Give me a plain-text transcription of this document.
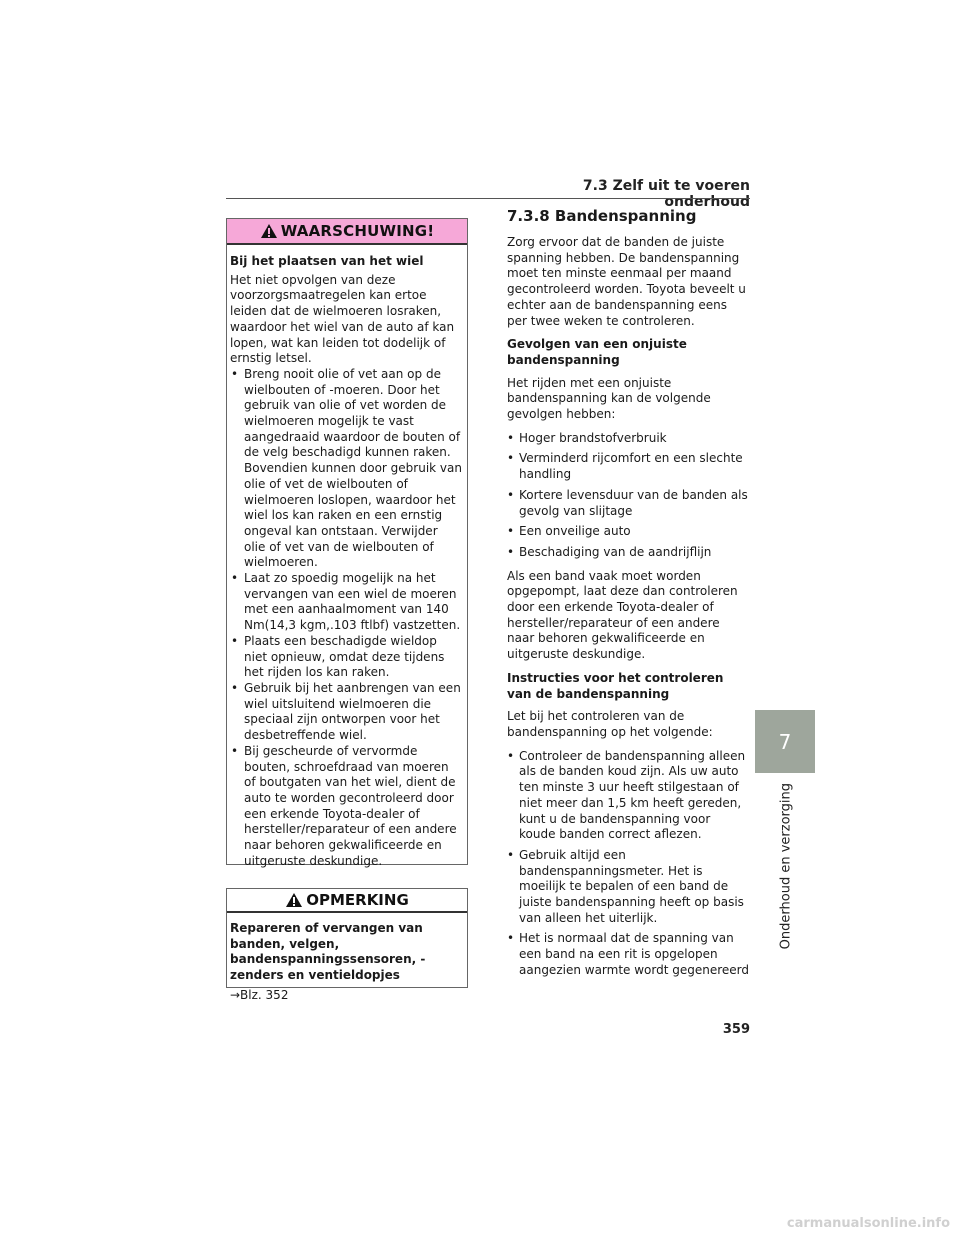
7.3 Zelf uit te voeren onderhoud
WAARSCHUWING!
Bij het plaatsen van het wiel
Het niet opvolgen van deze voorzorgsmaatregelen kan ertoe leiden dat de wielmoeren losraken, waardoor het wiel van de auto af kan lopen, wat kan leiden tot dodelijk of ernstig letsel.
• Breng nooit olie of vet aan op de wielbouten of -moeren. Door het gebruik van olie of vet worden de wielmoeren mogelijk te vast aangedraaid waardoor de bouten of de velg beschadigd kunnen raken. Bovendien kunnen door gebruik van olie of vet de wielbouten of wielmoeren loslopen, waardoor het wiel los kan raken en een ernstig ongeval kan ontstaan. Verwijder olie of vet van de wielbouten of wielmoeren.
• Laat zo spoedig mogelijk na het vervangen van een wiel de moeren met een aanhaalmoment van 140 Nm(14,3 kgm,.103 ftlbf) vastzetten.
• Plaats een beschadigde wieldop niet opnieuw, omdat deze tijdens het rijden los kan raken.
• Gebruik bij het aanbrengen van een wiel uitsluitend wielmoeren die speciaal zijn ontworpen voor het desbetreffende wiel.
• Bij gescheurde of vervormde bouten, schroefdraad van moeren of boutgaten van het wiel, dient de auto te worden gecontroleerd door een erkende Toyota-dealer of hersteller/reparateur of een andere naar behoren gekwalificeerde en uitgeruste deskundige.
OPMERKING
Repareren of vervangen van banden, velgen, bandenspanningssensoren, -zenders en ventieldopjes
→Blz. 352
7.3.8 Bandenspanning

Zorg ervoor dat de banden de juiste spanning hebben. De bandenspanning moet ten minste eenmaal per maand gecontroleerd worden. Toyota beveelt u echter aan de bandenspanning eens per twee weken te controleren.

Gevolgen van een onjuiste bandenspanning

Het rijden met een onjuiste bandenspanning kan de volgende gevolgen hebben:

• Hoger brandstofverbruik
• Verminderd rijcomfort en een slechte handling
• Kortere levensduur van de banden als gevolg van slijtage
• Een onveilige auto
• Beschadiging van de aandrijflijn

Als een band vaak moet worden opgepompt, laat deze dan controleren door een erkende Toyota-dealer of hersteller/reparateur of een andere naar behoren gekwalificeerde en uitgeruste deskundige.

Instructies voor het controleren van de bandenspanning

Let bij het controleren van de bandenspanning op het volgende:

• Controleer de bandenspanning alleen als de banden koud zijn. Als uw auto ten minste 3 uur heeft stilgestaan of niet meer dan 1,5 km heeft gereden, kunt u de bandenspanning voor koude banden correct aflezen.
• Gebruik altijd een bandenspanningsmeter. Het is moeilijk te bepalen of een band de juiste bandenspanning heeft op basis van alleen het uiterlijk.
• Het is normaal dat de spanning van een band na een rit is opgelopen aangezien warmte wordt gegenereerd
7
Onderhoud en verzorging
359
carmanualsonline.info
